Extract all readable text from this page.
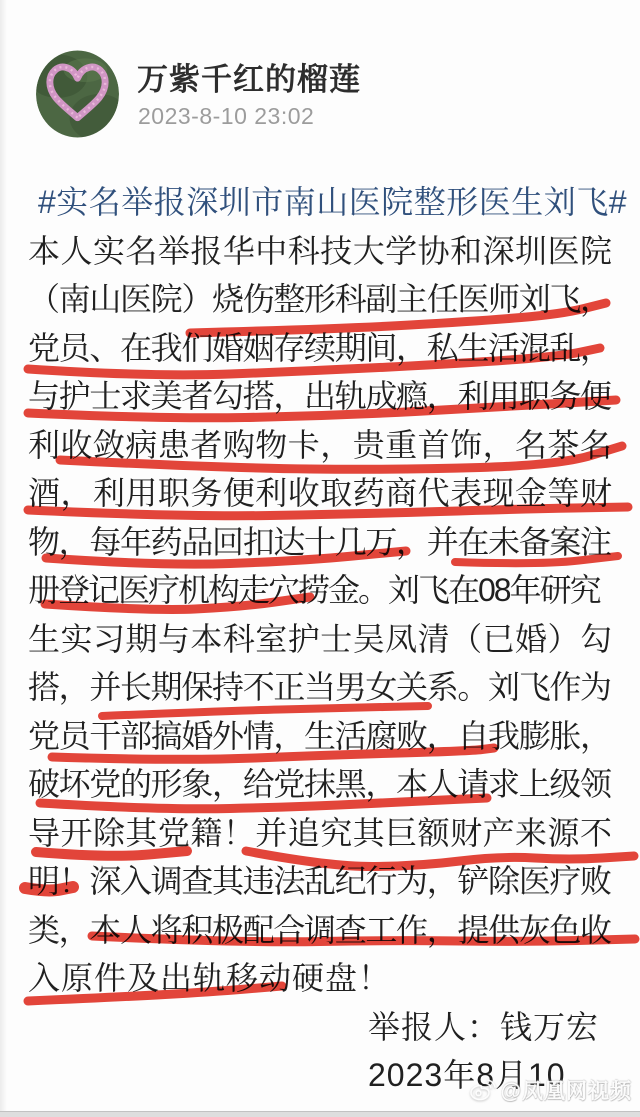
万紫千红的榴莲
2023-8-10 23:02
#实名举报深圳市南山医院整形医生刘飞#
本人实名举报华中科技大学协和深圳医院
（南山医院）烧伤整形科副主任医师刘飞，
党员、在我们婚姻存续期间，私生活混乱，
与护士求美者勾搭，出轨成瘾，利用职务便
利收敛病患者购物卡，贵重首饰，名茶名
酒，利用职务便利收取药商代表现金等财
物，每年药品回扣达十几万，并在未备案注
册登记医疗机构走穴捞金。刘飞在08年研究
生实习期与本科室护士吴凤清（已婚）勾
搭，并长期保持不正当男女关系。刘飞作为
党员干部搞婚外情，生活腐败，自我膨胀，
破坏党的形象，给党抹黑，本人请求上级领
导开除其党籍！并追究其巨额财产来源不
明！深入调查其违法乱纪行为，铲除医疗败
类，本人将积极配合调查工作，提供灰色收
入原件及出轨移动硬盘！
举报人：钱万宏
2023年8月10
@凤凰网视频
